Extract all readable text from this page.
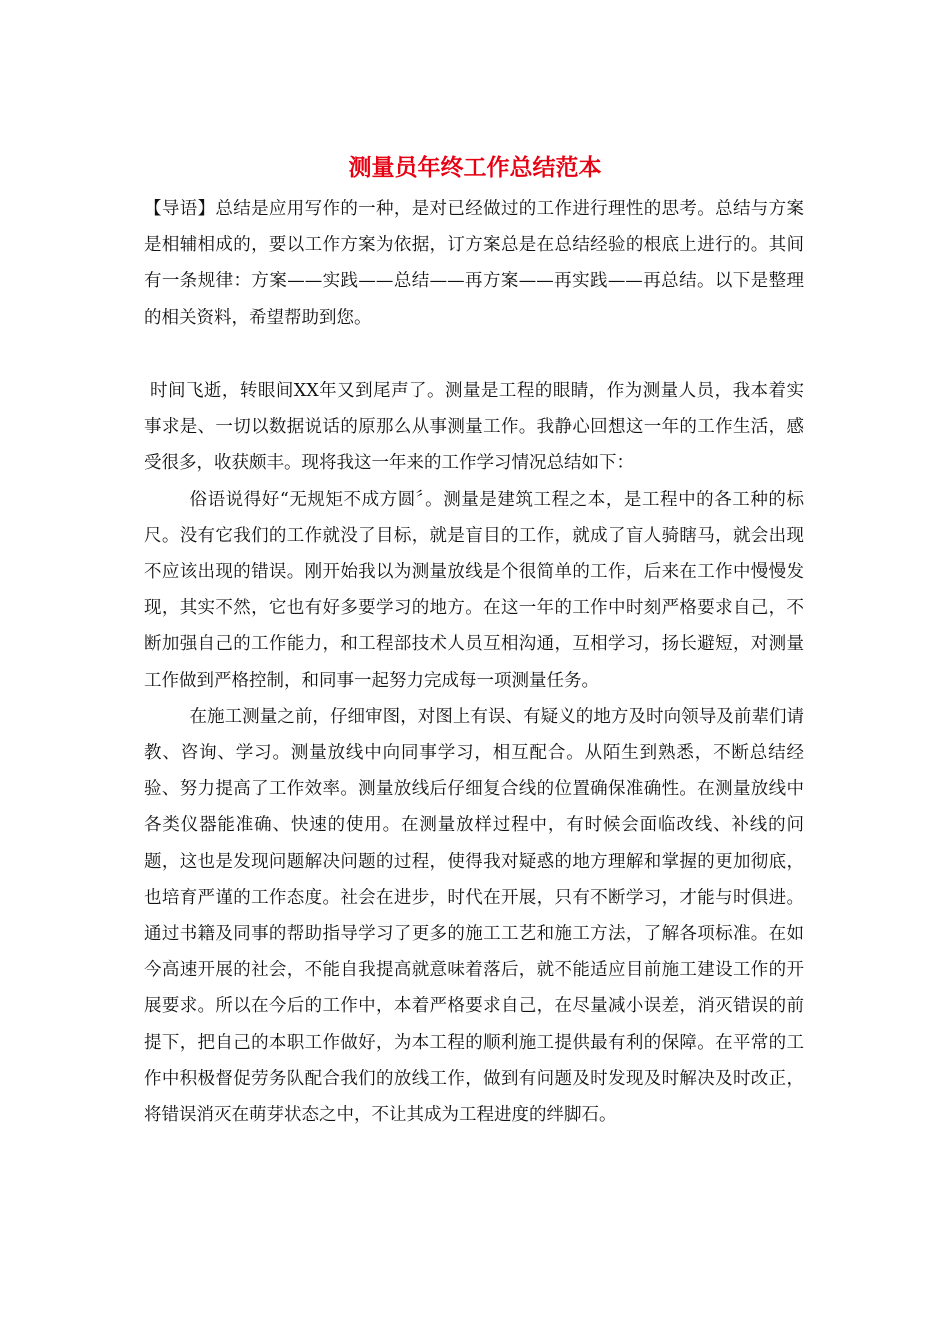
测量员年终工作总结范本

【导语】总结是应用写作的一种，是对已经做过的工作进行理性的思考。总结与方案是相辅相成的，要以工作方案为依据，订方案总是在总结经验的根底上进行的。其间有一条规律：方案——实践——总结——再方案——再实践——再总结。以下是整理的相关资料，希望帮助到您。

时间飞逝，转眼间XX年又到尾声了。测量是工程的眼睛，作为测量人员，我本着实事求是、一切以数据说话的原那么从事测量工作。我静心回想这一年的工作生活，感受很多，收获颇丰。现将我这一年来的工作学习情况总结如下：

俗语说得好“无规矩不成方圆〞。测量是建筑工程之本，是工程中的各工种的标尺。没有它我们的工作就没了目标，就是盲目的工作，就成了盲人骑瞎马，就会出现不应该出现的错误。刚开始我以为测量放线是个很简单的工作，后来在工作中慢慢发现，其实不然，它也有好多要学习的地方。在这一年的工作中时刻严格要求自己，不断加强自己的工作能力，和工程部技术人员互相沟通，互相学习，扬长避短，对测量工作做到严格控制，和同事一起努力完成每一项测量任务。

在施工测量之前，仔细审图，对图上有误、有疑义的地方及时向领导及前辈们请教、咨询、学习。测量放线中向同事学习，相互配合。从陌生到熟悉，不断总结经验、努力提高了工作效率。测量放线后仔细复合线的位置确保准确性。在测量放线中各类仪器能准确、快速的使用。在测量放样过程中，有时候会面临改线、补线的问题，这也是发现问题解决问题的过程，使得我对疑惑的地方理解和掌握的更加彻底，也培育严谨的工作态度。社会在进步，时代在开展，只有不断学习，才能与时俱进。通过书籍及同事的帮助指导学习了更多的施工工艺和施工方法，了解各项标准。在如今高速开展的社会，不能自我提高就意味着落后，就不能适应目前施工建设工作的开展要求。所以在今后的工作中，本着严格要求自己，在尽量减小误差，消灭错误的前提下，把自己的本职工作做好，为本工程的顺利施工提供最有利的保障。在平常的工作中积极督促劳务队配合我们的放线工作，做到有问题及时发现及时解决及时改正，将错误消灭在萌芽状态之中，不让其成为工程进度的绊脚石。
